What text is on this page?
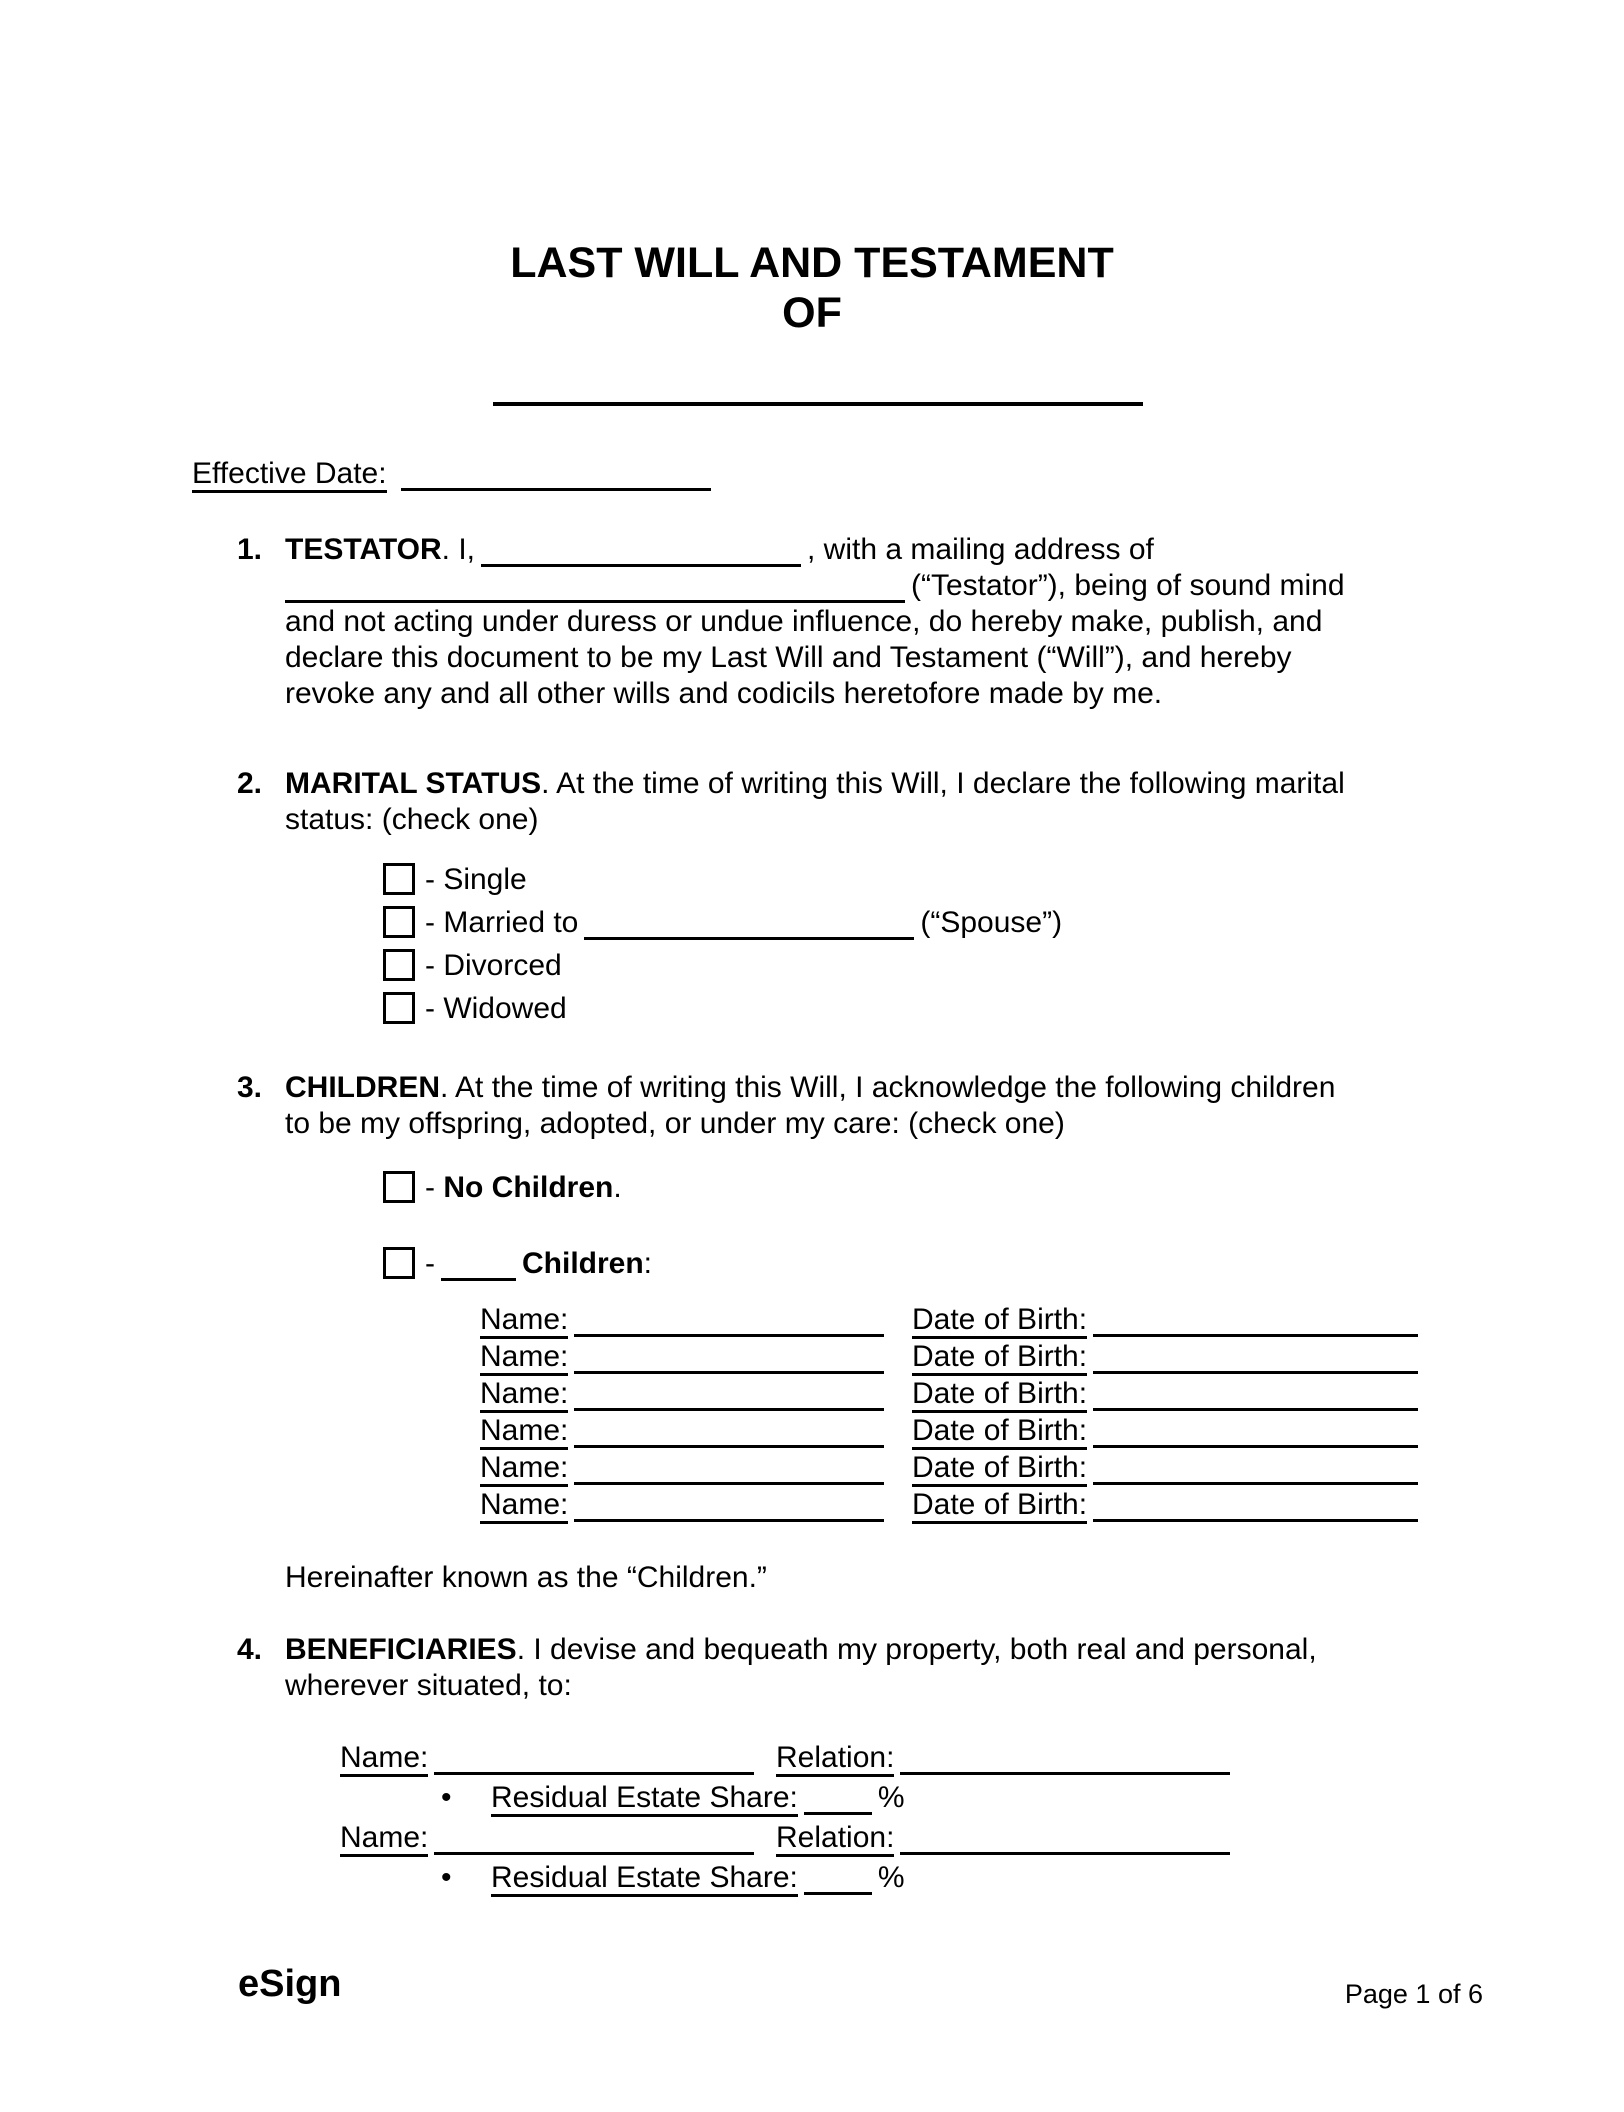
LAST WILL AND TESTAMENT
OF
Effective Date:
1. TESTATOR. I,	, with a mailing address of
(“Testator”), being of sound mind
and not acting under duress or undue influence, do hereby make, publish, and
declare this document to be my Last Will and Testament (“Will”), and hereby
revoke any and all other wills and codicils heretofore made by me.
2. MARITAL STATUS. At the time of writing this Will, I declare the following marital
status: (check one)
- Single
- Married to	(“Spouse”)
- Divorced
- Widowed
3. CHILDREN. At the time of writing this Will, I acknowledge the following children
to be my offspring, adopted, or under my care: (check one)
- No Children.
-	Children:
Name:	Date of Birth:
Name:	Date of Birth:
Name:	Date of Birth:
Name:	Date of Birth:
Name:	Date of Birth:
Name:	Date of Birth:
Hereinafter known as the “Children.”
4. BENEFICIARIES. I devise and bequeath my property, both real and personal,
wherever situated, to:
Name:	Relation:
• Residual Estate Share:	%
Name:	Relation:
• Residual Estate Share:	%
eSign	Page 1 of 6
